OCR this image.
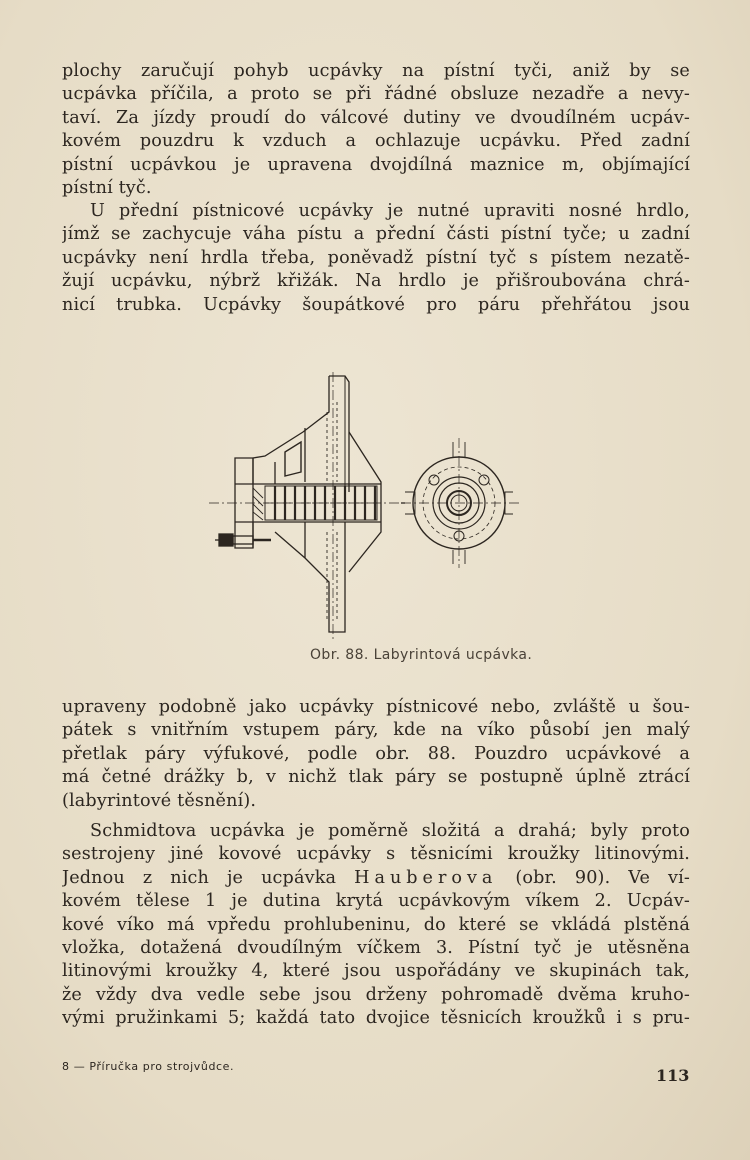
plochy zaručují pohyb ucpávky na pístní tyči, aniž by se
ucpávka příčila, a proto se při řádné obsluze nezadře a nevy-
taví. Za jízdy proudí do válcové dutiny ve dvoudílném ucpáv-
kovém pouzdru k vzduch a ochlazuje ucpávku. Před zadní
pístní ucpávkou je upravena dvojdílná maznice m, objímající
pístní tyč.
U přední pístnicové ucpávky je nutné upraviti nosné hrdlo,
jímž se zachycuje váha pístu a přední části pístní tyče; u zadní
ucpávky není hrdla třeba, poněvadž pístní tyč s pístem nezatě-
žují ucpávku, nýbrž křižák. Na hrdlo je přišroubována chrá-
nicí trubka. Ucpávky šoupátkové pro páru přehřátou jsou
Obr. 88. Labyrintová ucpávka.
upraveny podobně jako ucpávky pístnicové nebo, zvláště u šou-
pátek s vnitřním vstupem páry, kde na víko působí jen malý
přetlak páry výfukové, podle obr. 88. Pouzdro ucpávkové a
má četné drážky b, v nichž tlak páry se postupně úplně ztrácí
(labyrintové těsnění).
Schmidtova ucpávka je poměrně složitá a drahá; byly proto
sestrojeny jiné kovové ucpávky s těsnicími kroužky litinovými.
Jednou z nich je ucpávka Hauberova (obr. 90). Ve ví-
kovém tělese 1 je dutina krytá ucpávkovým víkem 2. Ucpáv-
kové víko má vpředu prohlubeninu, do které se vkládá plstěná
vložka, dotažená dvoudílným víčkem 3. Pístní tyč je utěsněna
litinovými kroužky 4, které jsou uspořádány ve skupinách tak,
že vždy dva vedle sebe jsou drženy pohromadě dvěma kruho-
vými pružinkami 5; každá tato dvojice těsnicích kroužků i s pru-
8 — Příručka pro strojvůdce.	113
